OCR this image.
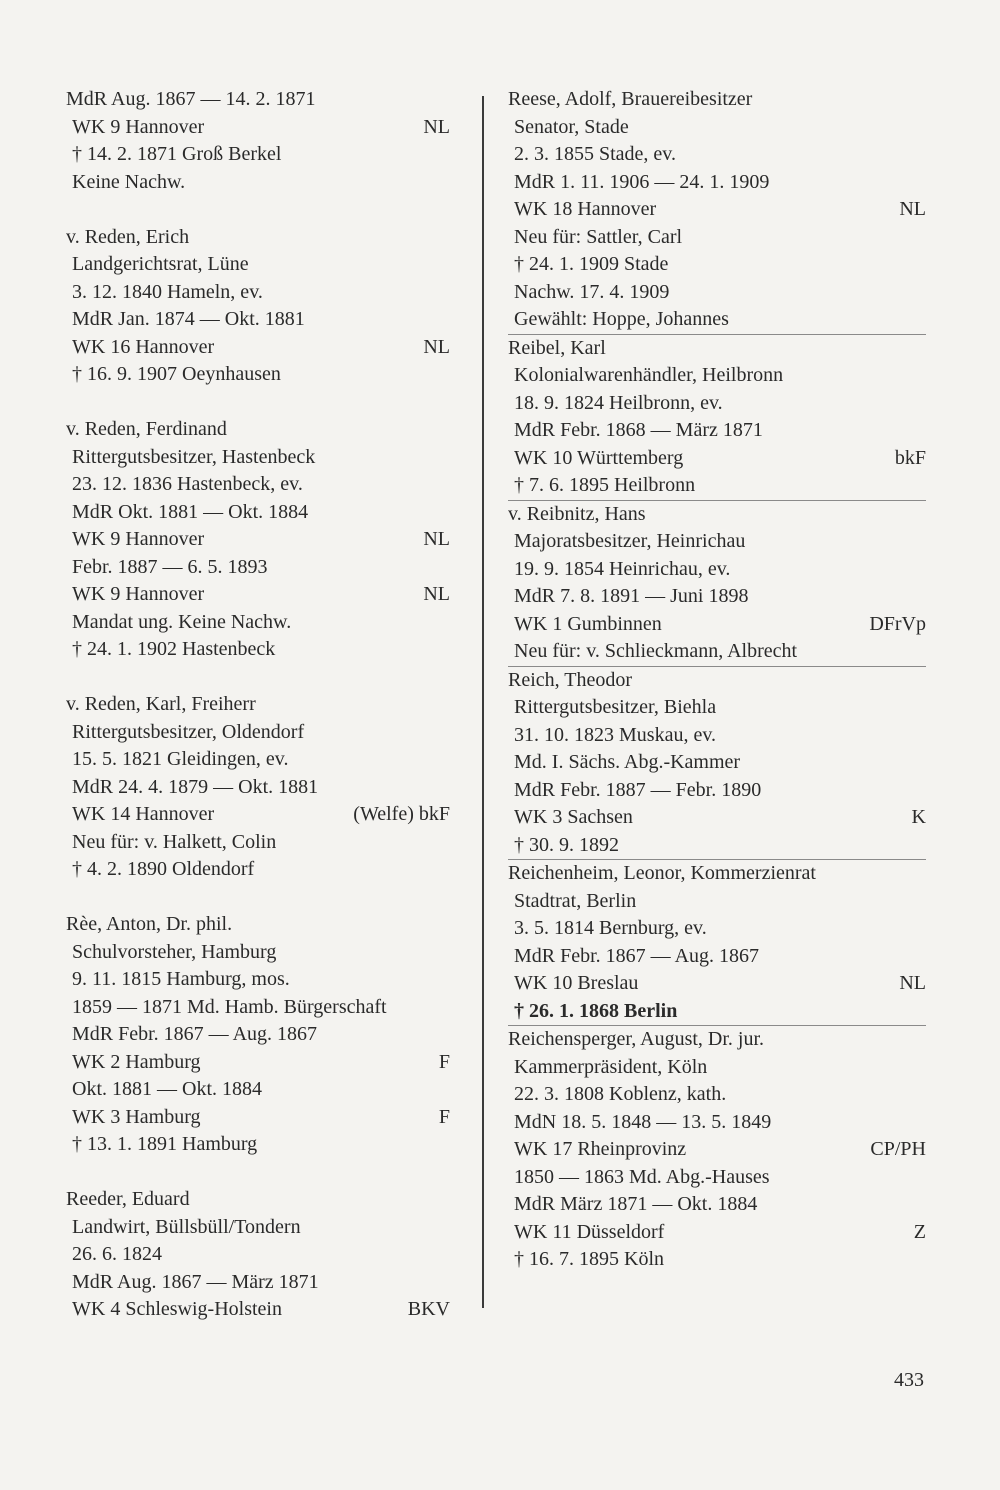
MdR Aug. 1867 — 14. 2. 1871
WK 9 Hannover	NL
† 14. 2. 1871 Groß Berkel
Keine Nachw.
v. Reden, Erich
Landgerichtsrat, Lüne
3. 12. 1840 Hameln, ev.
MdR Jan. 1874 — Okt. 1881
WK 16 Hannover	NL
† 16. 9. 1907 Oeynhausen
v. Reden, Ferdinand
Rittergutsbesitzer, Hastenbeck
23. 12. 1836 Hastenbeck, ev.
MdR Okt. 1881 — Okt. 1884
WK 9 Hannover	NL
Febr. 1887 — 6. 5. 1893
WK 9 Hannover	NL
Mandat ung. Keine Nachw.
† 24. 1. 1902 Hastenbeck
v. Reden, Karl, Freiherr
Rittergutsbesitzer, Oldendorf
15. 5. 1821 Gleidingen, ev.
MdR 24. 4. 1879 — Okt. 1881
WK 14 Hannover	(Welfe) bkF
Neu für: v. Halkett, Colin
† 4. 2. 1890 Oldendorf
Rèe, Anton, Dr. phil.
Schulvorsteher, Hamburg
9. 11. 1815 Hamburg, mos.
1859 — 1871 Md. Hamb. Bürgerschaft
MdR Febr. 1867 — Aug. 1867
WK 2 Hamburg	F
Okt. 1881 — Okt. 1884
WK 3 Hamburg	F
† 13. 1. 1891 Hamburg
Reeder, Eduard
Landwirt, Büllsbüll/Tondern
26. 6. 1824
MdR Aug. 1867 — März 1871
WK 4 Schleswig-Holstein	BKV
Reese, Adolf, Brauereibesitzer
Senator, Stade
2. 3. 1855 Stade, ev.
MdR 1. 11. 1906 — 24. 1. 1909
WK 18 Hannover	NL
Neu für: Sattler, Carl
† 24. 1. 1909 Stade
Nachw. 17. 4. 1909
Gewählt: Hoppe, Johannes
Reibel, Karl
Kolonialwarenhändler, Heilbronn
18. 9. 1824 Heilbronn, ev.
MdR Febr. 1868 — März 1871
WK 10 Württemberg	bkF
† 7. 6. 1895 Heilbronn
v. Reibnitz, Hans
Majoratsbesitzer, Heinrichau
19. 9. 1854 Heinrichau, ev.
MdR 7. 8. 1891 — Juni 1898
WK 1 Gumbinnen	DFrVp
Neu für: v. Schlieckmann, Albrecht
Reich, Theodor
Rittergutsbesitzer, Biehla
31. 10. 1823 Muskau, ev.
Md. I. Sächs. Abg.-Kammer
MdR Febr. 1887 — Febr. 1890
WK 3 Sachsen	K
† 30. 9. 1892
Reichenheim, Leonor, Kommerzienrat
Stadtrat, Berlin
3. 5. 1814 Bernburg, ev.
MdR Febr. 1867 — Aug. 1867
WK 10 Breslau	NL
† 26. 1. 1868 Berlin
Reichensperger, August, Dr. jur.
Kammerpräsident, Köln
22. 3. 1808 Koblenz, kath.
MdN 18. 5. 1848 — 13. 5. 1849
WK 17 Rheinprovinz	CP/PH
1850 — 1863 Md. Abg.-Hauses
MdR März 1871 — Okt. 1884
WK 11 Düsseldorf	Z
† 16. 7. 1895 Köln
433
